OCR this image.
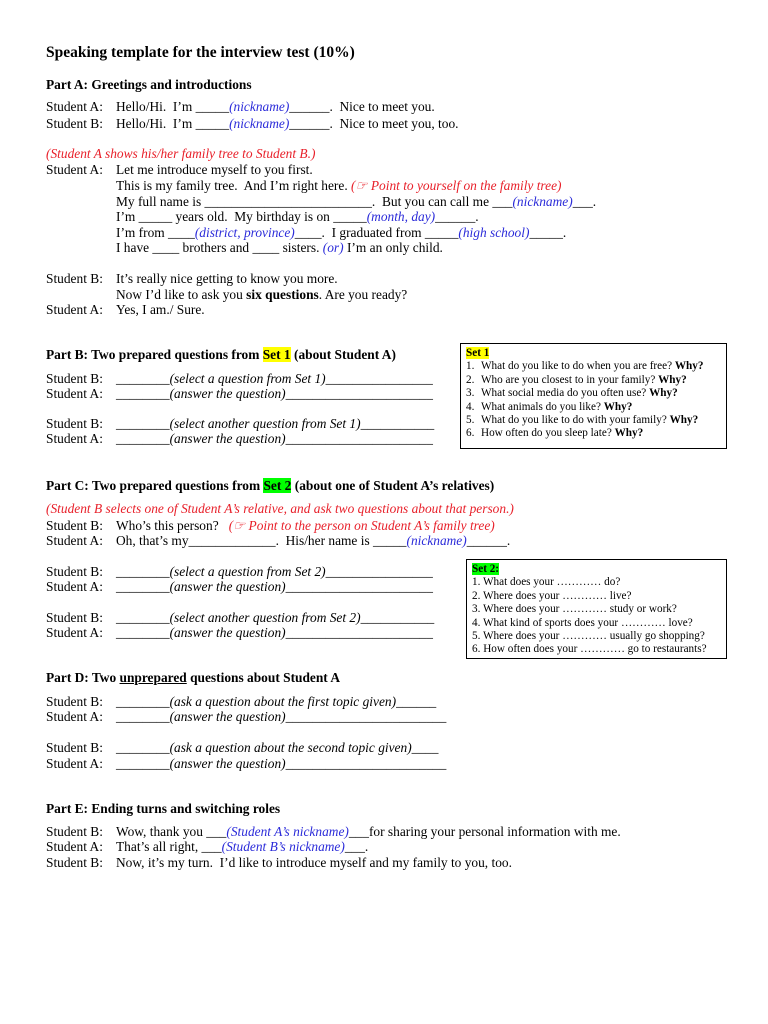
Speaking template for the interview test (10%)
Part A: Greetings and introductions
Student A: Hello/Hi.  I’m _____(nickname)______.  Nice to meet you.
Student B: Hello/Hi.  I’m _____(nickname)______.  Nice to meet you, too.
(Student A shows his/her family tree to Student B.)
Student A: Let me introduce myself to you first.
This is my family tree.  And I’m right here. (☞ Point to yourself on the family tree)
My full name is _________________________.  But you can call me ___(nickname)___.
I’m _____ years old.  My birthday is on _____(month, day)______.
I’m from ____(district, province)____.  I graduated from _____(high school)_____.
I have ____ brothers and ____ sisters. (or) I’m an only child.
Student B: It’s really nice getting to know you more.
Now I’d like to ask you six questions. Are you ready?
Student A: Yes, I am./ Sure.
Part B: Two prepared questions from Set 1 (about Student A)
Student B: ________(select a question from Set 1)________________
Student A: ________(answer the question)______________________
Student B: ________(select another question from Set 1)___________
Student A: ________(answer the question)______________________
Set 1
1. What do you like to do when you are free? Why?
2. Who are you closest to in your family? Why?
3. What social media do you often use? Why?
4. What animals do you like? Why?
5. What do you like to do with your family? Why?
6. How often do you sleep late? Why?
Part C: Two prepared questions from Set 2 (about one of Student A’s relatives)
(Student B selects one of Student A’s relative, and ask two questions about that person.)
Student B: Who’s this person?   (☞ Point to the person on Student A’s family tree)
Student A: Oh, that’s my_____________.  His/her name is _____(nickname)______.
Student B: ________(select a question from Set 2)________________
Student A: ________(answer the question)______________________
Student B: ________(select another question from Set 2)___________
Student A: ________(answer the question)______________________
Set 2:
1. What does your ………… do?
2. Where does your ………… live?
3. Where does your ………… study or work?
4. What kind of sports does your ………… love?
5. Where does your ………… usually go shopping?
6. How often does your ………… go to restaurants?
Part D: Two unprepared questions about Student A
Student B: ________(ask a question about the first topic given)______
Student A: ________(answer the question)________________________
Student B: ________(ask a question about the second topic given)____
Student A: ________(answer the question)________________________
Part E: Ending turns and switching roles
Student B: Wow, thank you ___(Student A’s nickname)___for sharing your personal information with me.
Student A: That’s all right, ___(Student B’s nickname)___.
Student B: Now, it’s my turn.  I’d like to introduce myself and my family to you, too.
